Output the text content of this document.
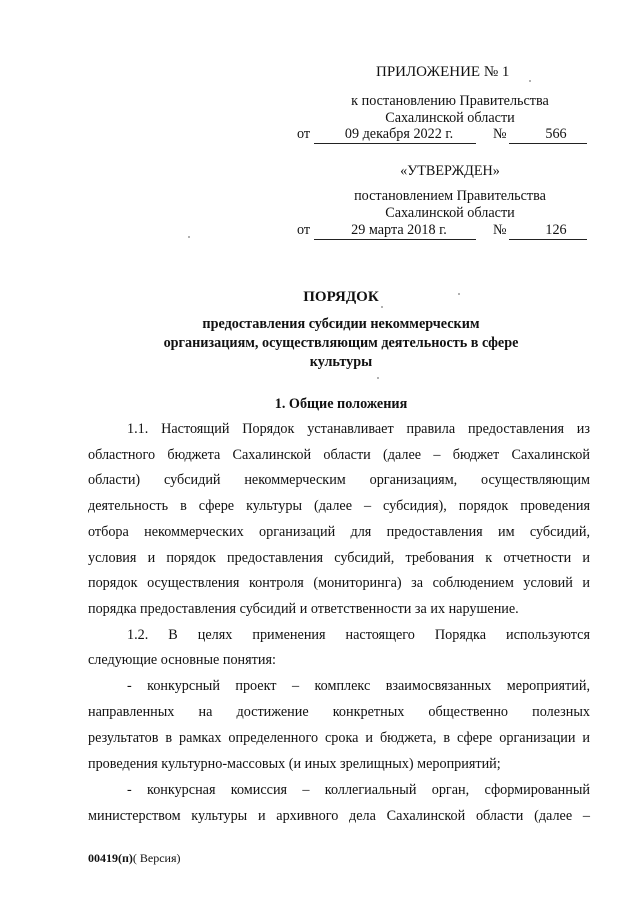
ПРИЛОЖЕНИЕ № 1
к постановлению Правительства
Сахалинской области
от	09 декабря 2022 г.	№	566
«УТВЕРЖДЕН»
постановлением Правительства
Сахалинской области
от	29 марта 2018 г.	№	126
ПОРЯДОК
предоставления субсидии некоммерческим
организациям, осуществляющим деятельность в сфере
культуры
1. Общие положения
1.1. Настоящий Порядок устанавливает правила предоставления из
областного бюджета Сахалинской области (далее – бюджет Сахалинской
области) субсидий некоммерческим организациям, осуществляющим
деятельность в сфере культуры (далее – субсидия), порядок проведения
отбора некоммерческих организаций для предоставления им субсидий,
условия и порядок предоставления субсидий, требования к отчетности и
порядок осуществления контроля (мониторинга) за соблюдением условий и
порядка предоставления субсидий и ответственности за их нарушение.
1.2. В целях применения настоящего Порядка используются
следующие основные понятия:
- конкурсный проект – комплекс взаимосвязанных мероприятий,
направленных на достижение конкретных общественно полезных
результатов в рамках определенного срока и бюджета, в сфере организации и
проведения культурно-массовых (и иных зрелищных) мероприятий;
- конкурсная комиссия – коллегиальный орган, сформированный
министерством культуры и архивного дела Сахалинской области (далее –
00419(п)( Версия)
